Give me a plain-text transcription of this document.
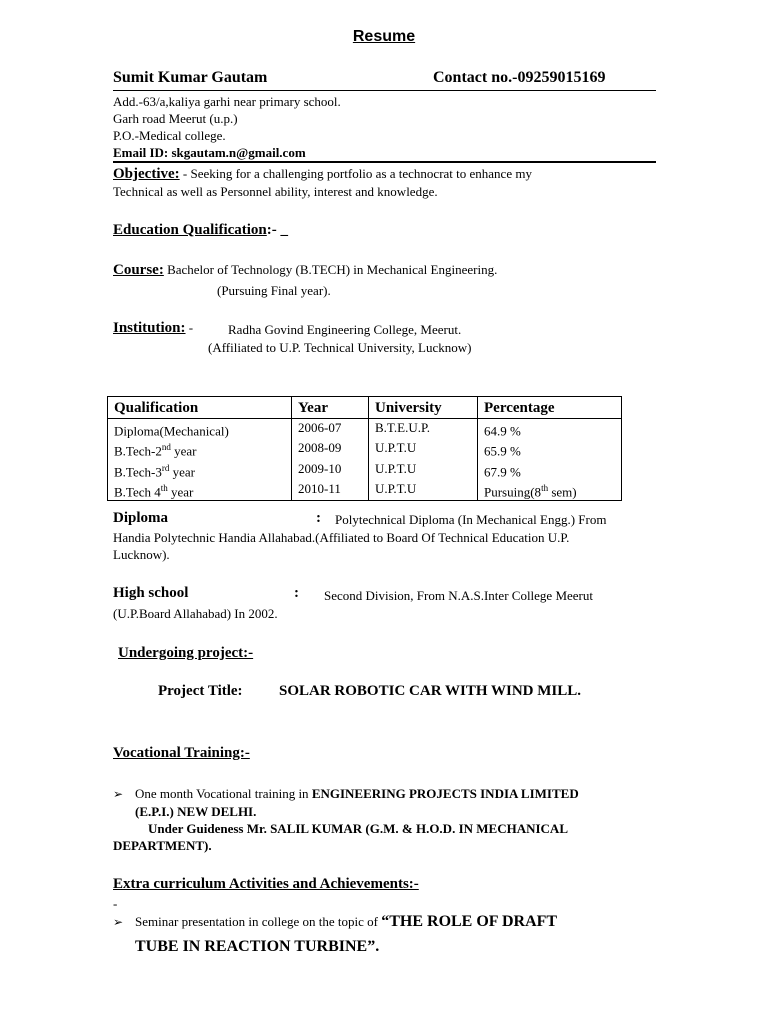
Resume
Sumit Kumar Gautam	Contact no.-09259015169
Add.-63/a,kaliya garhi near primary school.
Garh road Meerut (u.p.)
P.O.-Medical college.
Email ID: skgautam.n@gmail.com
Objective: - Seeking for a challenging portfolio as a technocrat to enhance my
Technical as well as Personnel ability, interest and knowledge.
Education Qualification:- _
Course: Bachelor of Technology (B.TECH) in Mechanical Engineering.
(Pursuing Final year).
Institution: -	Radha Govind Engineering College, Meerut.
(Affiliated to U.P. Technical University, Lucknow)
Qualification	Year	University	Percentage
Diploma(Mechanical)	2006-07	B.T.E.U.P.	64.9 %
B.Tech-2nd year	2008-09	U.P.T.U	65.9 %
B.Tech-3rd year	2009-10	U.P.T.U	67.9 %
B.Tech 4th year	2010-11	U.P.T.U	Pursuing(8th sem)
Diploma	: Polytechnical Diploma (In Mechanical Engg.) From
Handia Polytechnic Handia Allahabad.(Affiliated to Board Of Technical Education U.P.
Lucknow).
High school	: Second Division, From N.A.S.Inter College Meerut
(U.P.Board Allahabad) In 2002.
Undergoing project:-
Project Title: SOLAR ROBOTIC CAR WITH WIND MILL.
Vocational Training:-
➢ One month Vocational training in ENGINEERING PROJECTS INDIA LIMITED
(E.P.I.) NEW DELHI.
Under Guideness Mr. SALIL KUMAR (G.M. & H.O.D. IN MECHANICAL
DEPARTMENT).
Extra curriculum Activities and Achievements:-
-
➢ Seminar presentation in college on the topic of “THE ROLE OF DRAFT
TUBE IN REACTION TURBINE”.
